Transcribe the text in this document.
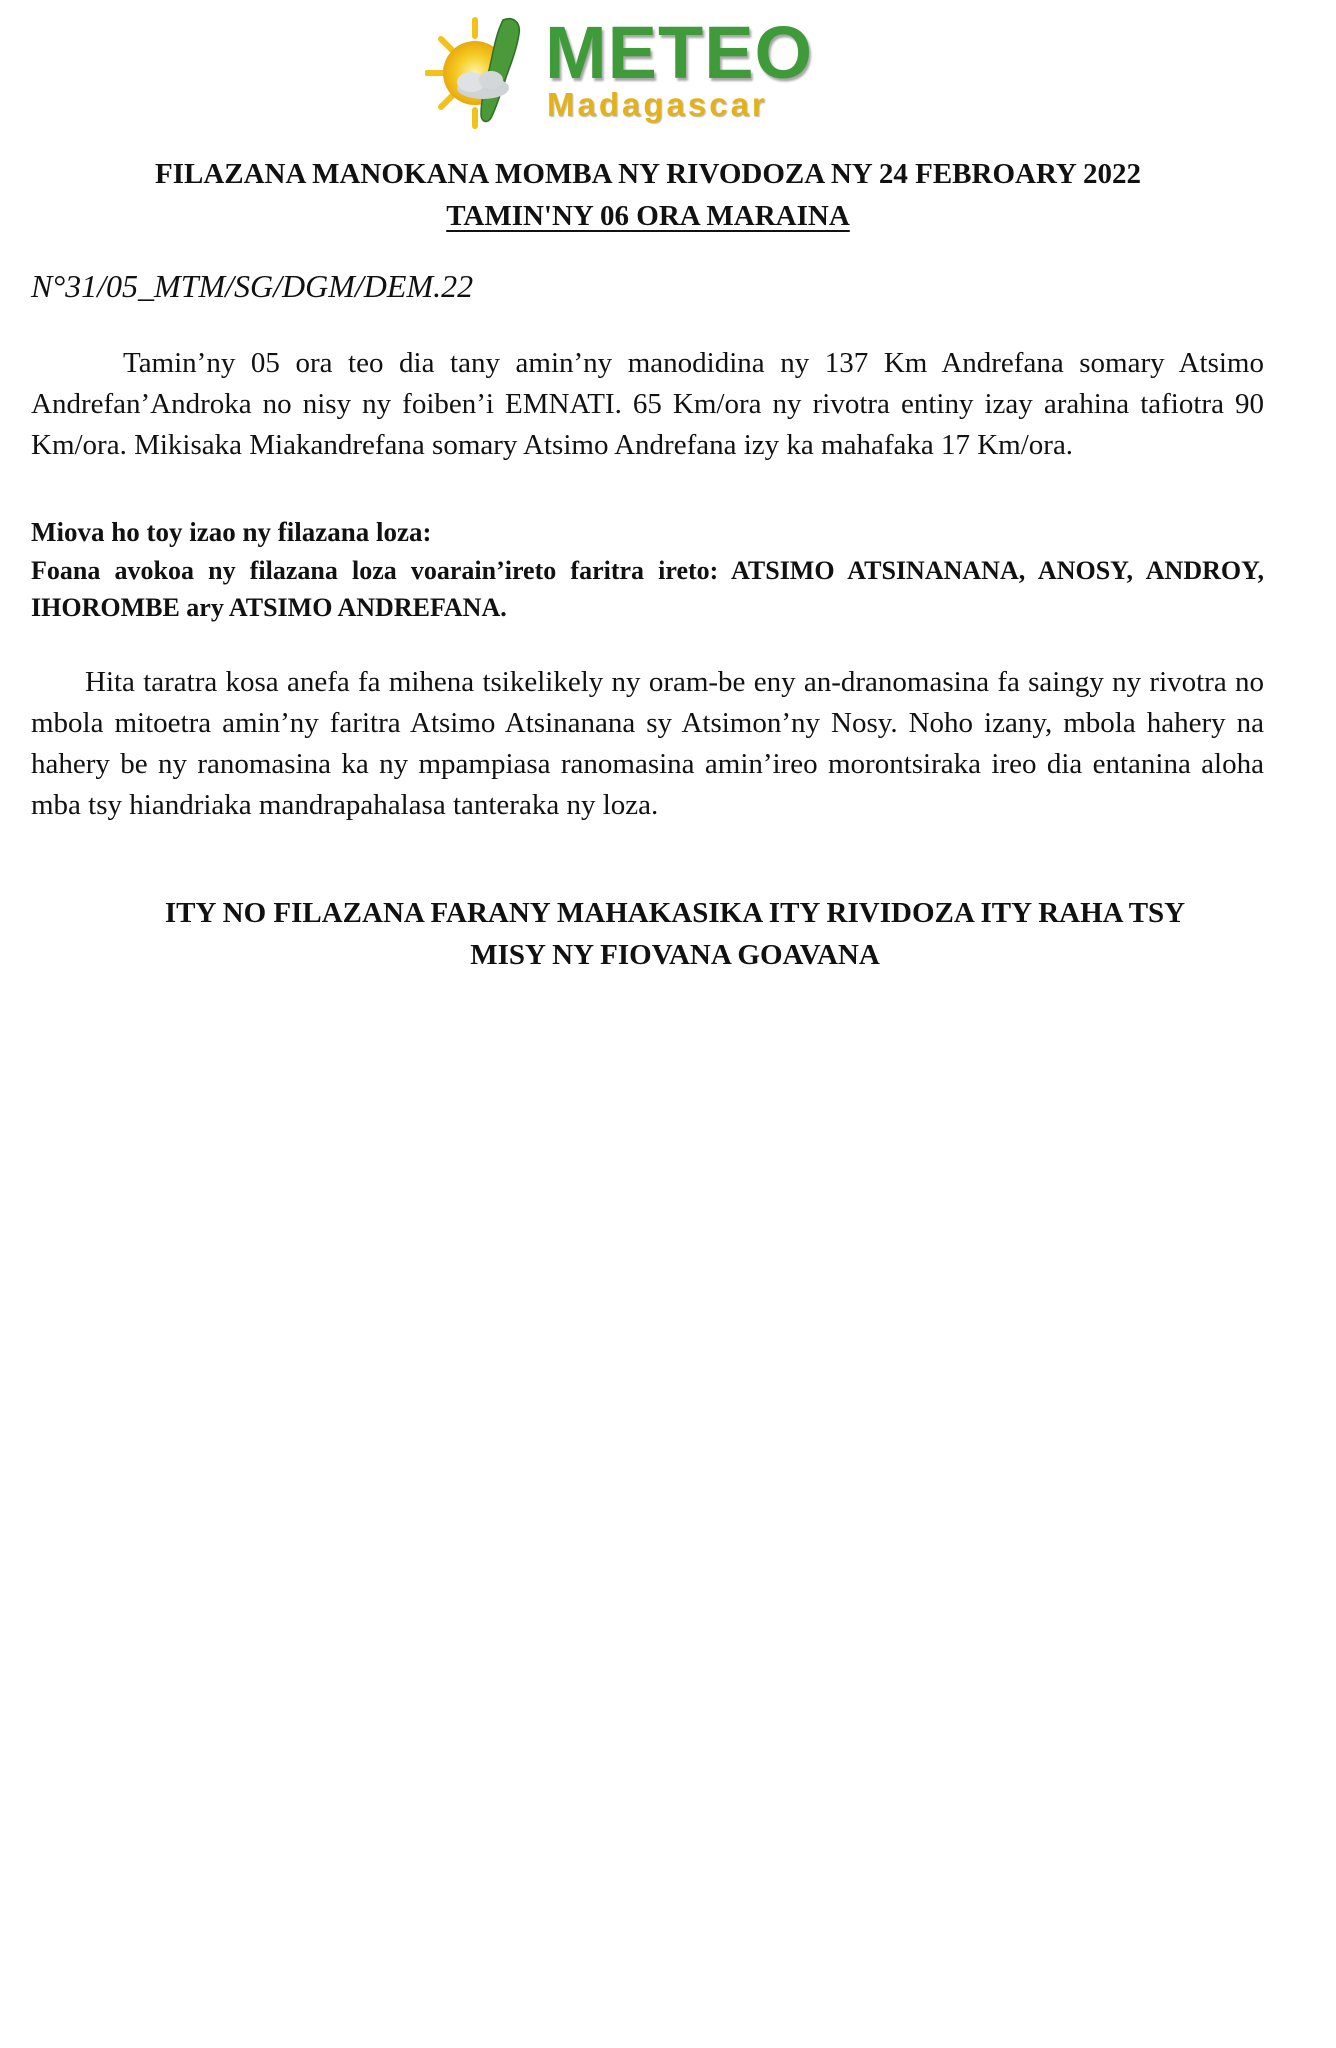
METEO
Madagascar
FILAZANA MANOKANA MOMBA NY RIVODOZA NY 24 FEBROARY 2022
TAMIN'NY 06 ORA MARAINA
N°31/05_MTM/SG/DGM/DEM.22
Tamin’ny 05 ora teo dia tany amin’ny manodidina ny 137 Km Andrefana somary Atsimo Andrefan’Androka no nisy ny foiben’i EMNATI. 65 Km/ora ny rivotra entiny izay arahina tafiotra 90 Km/ora. Mikisaka Miakandrefana somary Atsimo Andrefana izy ka mahafaka 17 Km/ora.
Miova ho toy izao ny filazana loza:
Foana avokoa ny filazana loza voarain’ireto faritra ireto: ATSIMO ATSINANANA, ANOSY, ANDROY, IHOROMBE ary ATSIMO ANDREFANA.
Hita taratra kosa anefa fa mihena tsikelikely ny oram-be eny an-dranomasina fa saingy ny rivotra no mbola mitoetra amin’ny faritra Atsimo Atsinanana sy Atsimon’ny Nosy. Noho izany, mbola hahery na hahery be ny ranomasina ka ny mpampiasa ranomasina amin’ireo morontsiraka ireo dia entanina aloha mba tsy hiandriaka mandrapahalasa tanteraka ny loza.
ITY NO FILAZANA FARANY MAHAKASIKA ITY RIVIDOZA ITY RAHA TSY
MISY NY FIOVANA GOAVANA
